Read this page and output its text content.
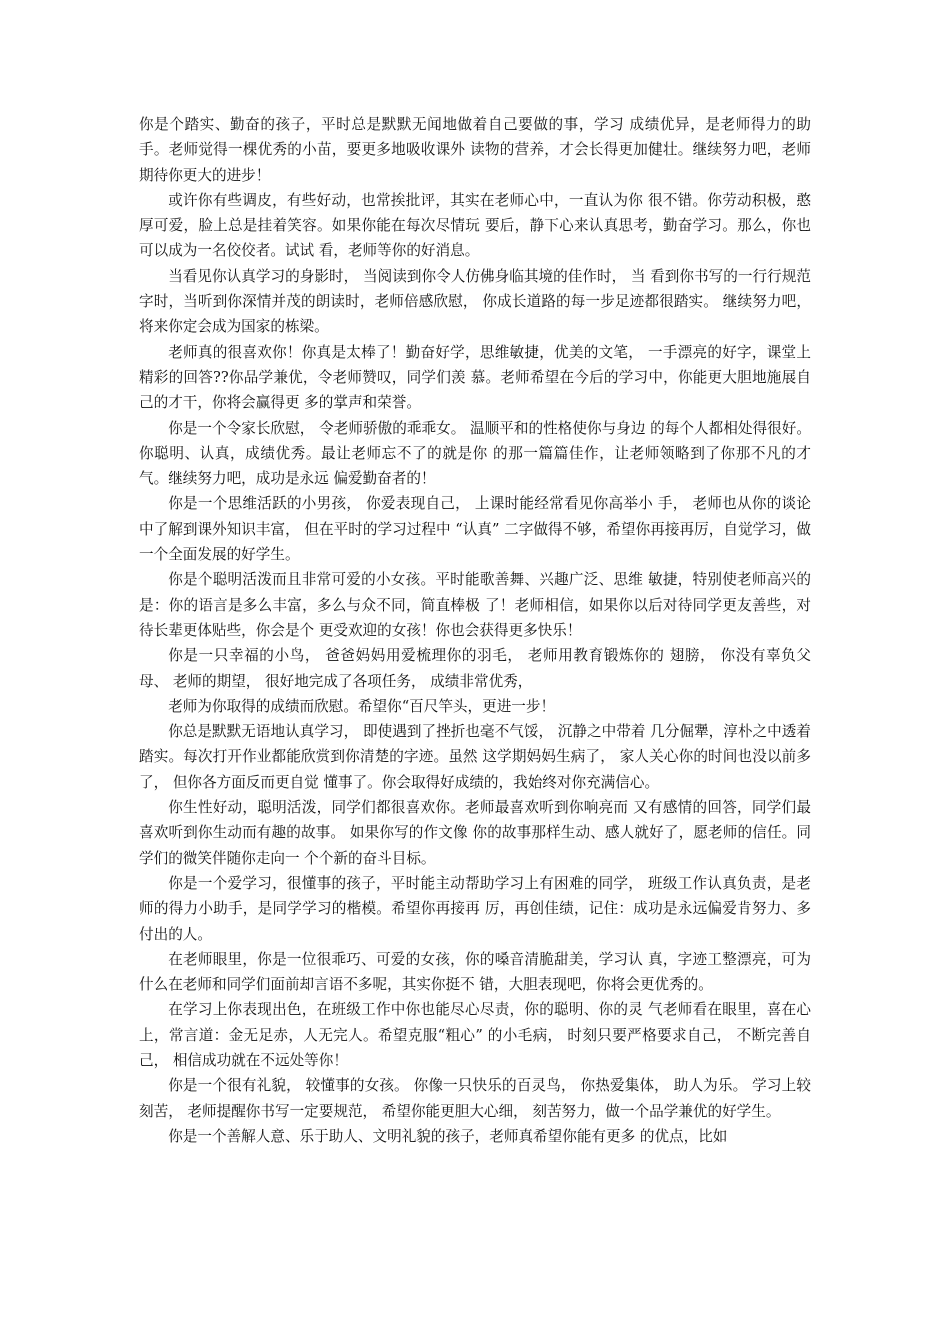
你是个踏实、勤奋的孩子，平时总是默默无闻地做着自己要做的事，学习 成绩优异，是老师得力的助手。老师觉得一棵优秀的小苗，要更多地吸收课外 读物的营养，才会长得更加健壮。继续努力吧，老师期待你更大的进步！

或许你有些调皮，有些好动，也常挨批评，其实在老师心中，一直认为你 很不错。你劳动积极，憨厚可爱，脸上总是挂着笑容。如果你能在每次尽情玩 要后，静下心来认真思考，勤奋学习。那么，你也可以成为一名佼佼者。试试 看，老师等你的好消息。

当看见你认真学习的身影时， 当阅读到你令人仿佛身临其境的佳作时， 当 看到你书写的一行行规范字时，当听到你深情并茂的朗读时，老师倍感欣慰， 你成长道路的每一步足迹都很踏实。 继续努力吧， 将来你定会成为国家的栋梁。

老师真的很喜欢你！你真是太棒了！勤奋好学，思维敏捷，优美的文笔， 一手漂亮的好字，课堂上精彩的回答??你品学兼优，令老师赞叹，同学们羡 慕。老师希望在今后的学习中，你能更大胆地施展自己的才干，你将会赢得更 多的掌声和荣誉。

你是一个令家长欣慰， 令老师骄傲的乖乖女。 温顺平和的性格使你与身边 的每个人都相处得很好。你聪明、认真，成绩优秀。最让老师忘不了的就是你 的那一篇篇佳作，让老师领略到了你那不凡的才气。继续努力吧，成功是永远 偏爱勤奋者的！

你是一个思维活跃的小男孩， 你爱表现自己， 上课时能经常看见你高举小 手， 老师也从你的谈论中了解到课外知识丰富， 但在平时的学习过程中 “认真” 二字做得不够，希望你再接再厉，自觉学习，做一个全面发展的好学生。

你是个聪明活泼而且非常可爱的小女孩。平时能歌善舞、兴趣广泛、思维 敏捷，特别使老师高兴的是：你的语言是多么丰富，多么与众不同，简直棒极 了！老师相信，如果你以后对待同学更友善些，对待长辈更体贴些，你会是个 更受欢迎的女孩！你也会获得更多快乐！

你是一只幸福的小鸟， 爸爸妈妈用爱梳理你的羽毛， 老师用教育锻炼你的 翅膀， 你没有辜负父母、 老师的期望， 很好地完成了各项任务， 成绩非常优秀，

老师为你取得的成绩而欣慰。希望你“百尺竿头，更进一步！

你总是默默无语地认真学习， 即使遇到了挫折也毫不气馁， 沉静之中带着 几分倔犟，淳朴之中透着踏实。每次打开作业都能欣赏到你清楚的字迹。虽然 这学期妈妈生病了， 家人关心你的时间也没以前多了， 但你各方面反而更自觉 懂事了。你会取得好成绩的，我始终对你充满信心。

你生性好动，聪明活泼，同学们都很喜欢你。老师最喜欢听到你响亮而 又有感情的回答，同学们最喜欢听到你生动而有趣的故事。 如果你写的作文像 你的故事那样生动、感人就好了，愿老师的信任。同学们的微笑伴随你走向一 个个新的奋斗目标。

你是一个爱学习，很懂事的孩子，平时能主动帮助学习上有困难的同学， 班级工作认真负责，是老师的得力小助手，是同学学习的楷模。希望你再接再 厉，再创佳绩，记住：成功是永远偏爱肯努力、多付出的人。

在老师眼里，你是一位很乖巧、可爱的女孩，你的嗓音清脆甜美，学习认 真，字迹工整漂亮，可为什么在老师和同学们面前却言语不多呢，其实你挺不 错，大胆表现吧，你将会更优秀的。

在学习上你表现出色，在班级工作中你也能尽心尽责，你的聪明、你的灵 气老师看在眼里，喜在心上，常言道：金无足赤，人无完人。希望克服“粗心” 的小毛病， 时刻只要严格要求自己， 不断完善自己， 相信成功就在不远处等你！

你是一个很有礼貌， 较懂事的女孩。 你像一只快乐的百灵鸟， 你热爱集体， 助人为乐。 学习上较刻苦， 老师提醒你书写一定要规范， 希望你能更胆大心细， 刻苦努力，做一个品学兼优的好学生。

你是一个善解人意、乐于助人、文明礼貌的孩子，老师真希望你能有更多 的优点，比如
